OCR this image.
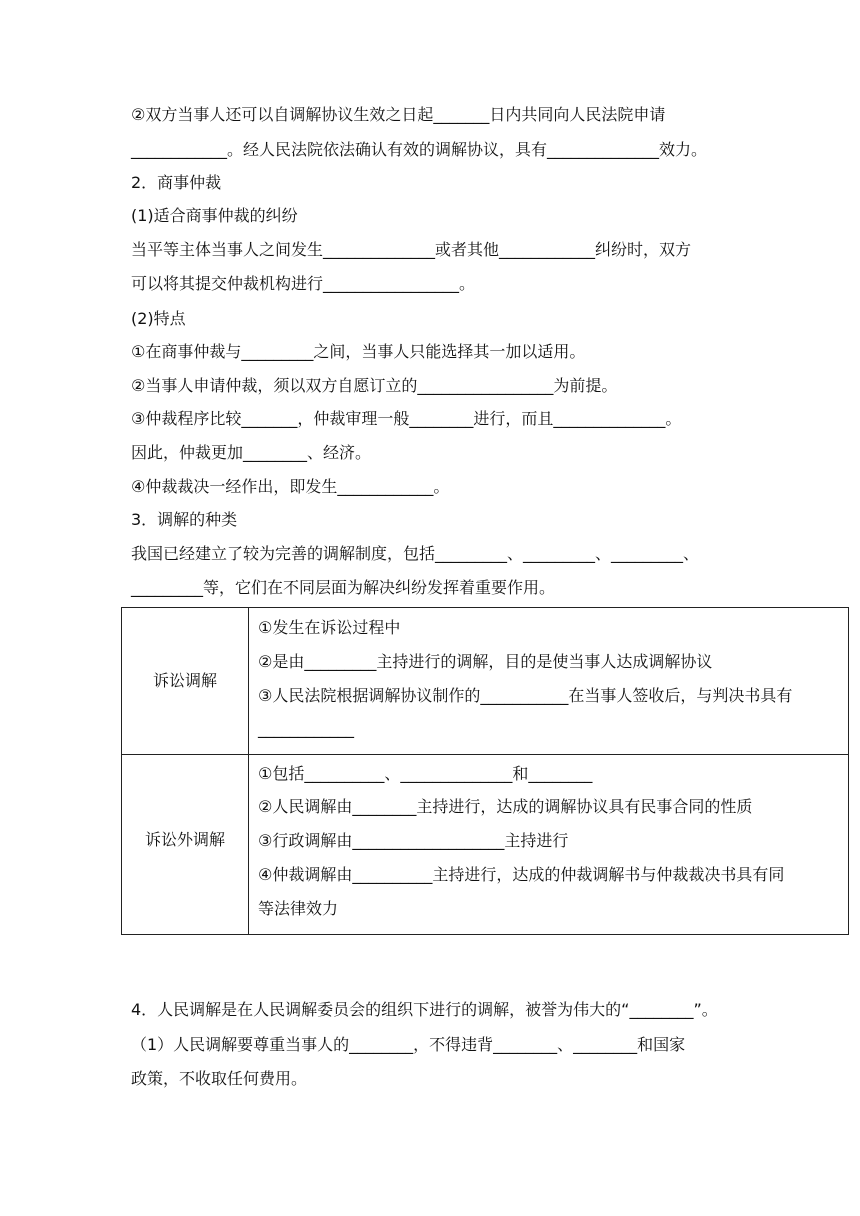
②双方当事人还可以自调解协议生效之日起_______日内共同向人民法院申请
____________。经人民法院依法确认有效的调解协议，具有______________效力。
2．商事仲裁
(1)适合商事仲裁的纠纷
当平等主体当事人之间发生______________或者其他____________纠纷时，双方
可以将其提交仲裁机构进行_________________。
(2)特点
①在商事仲裁与_________之间，当事人只能选择其一加以适用。
②当事人申请仲裁，须以双方自愿订立的_________________为前提。
③仲裁程序比较_______，仲裁审理一般________进行，而且______________。
因此，仲裁更加________、经济。
④仲裁裁决一经作出，即发生____________。
3．调解的种类
我国已经建立了较为完善的调解制度，包括_________、_________、_________、
_________等，它们在不同层面为解决纠纷发挥着重要作用。
诉讼调解
①发生在诉讼过程中
②是由_________主持进行的调解，目的是使当事人达成调解协议
③人民法院根据调解协议制作的___________在当事人签收后，与判决书具有
____________
诉讼外调解
①包括__________、______________和________
②人民调解由________主持进行，达成的调解协议具有民事合同的性质
③行政调解由___________________主持进行
④仲裁调解由__________主持进行，达成的仲裁调解书与仲裁裁决书具有同
等法律效力
4．人民调解是在人民调解委员会的组织下进行的调解，被誉为伟大的“________”。
（1）人民调解要尊重当事人的________，不得违背________、________和国家
政策，不收取任何费用。
